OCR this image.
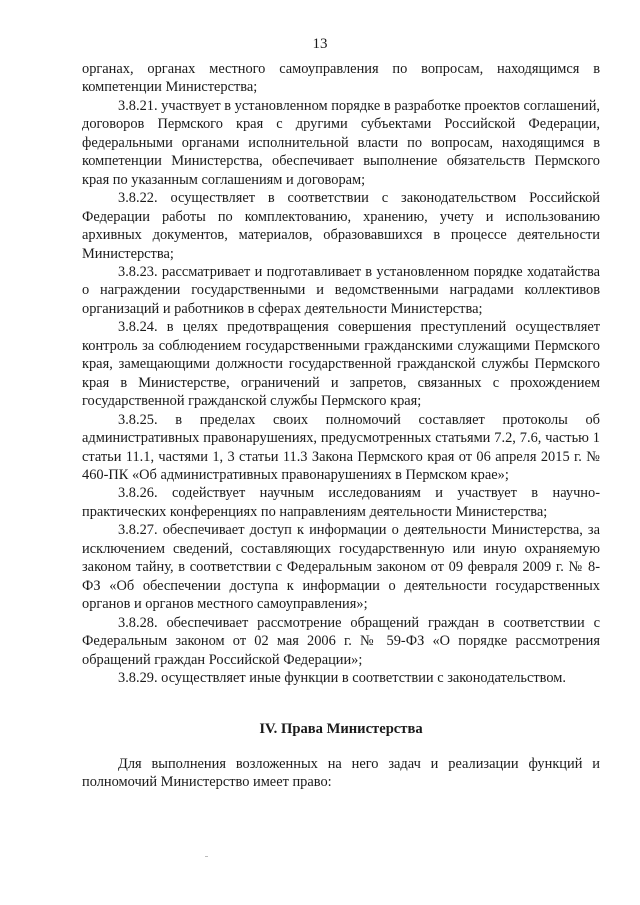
13

органах, органах местного самоуправления по вопросам, находящимся в компетенции Министерства;

3.8.21. участвует в установленном порядке в разработке проектов соглашений, договоров Пермского края с другими субъектами Российской Федерации, федеральными органами исполнительной власти по вопросам, находящимся в компетенции Министерства, обеспечивает выполнение обязательств Пермского края по указанным соглашениям и договорам;

3.8.22. осуществляет в соответствии с законодательством Российской Федерации работы по комплектованию, хранению, учету и использованию архивных документов, материалов, образовавшихся в процессе деятельности Министерства;

3.8.23. рассматривает и подготавливает в установленном порядке ходатайства о награждении государственными и ведомственными наградами коллективов организаций и работников в сферах деятельности Министерства;

3.8.24. в целях предотвращения совершения преступлений осуществляет контроль за соблюдением государственными гражданскими служащими Пермского края, замещающими должности государственной гражданской службы Пермского края в Министерстве, ограничений и запретов, связанных с прохождением государственной гражданской службы Пермского края;

3.8.25. в пределах своих полномочий составляет протоколы об административных правонарушениях, предусмотренных статьями 7.2, 7.6, частью 1 статьи 11.1, частями 1, 3 статьи 11.3 Закона Пермского края от 06 апреля 2015 г. № 460-ПК «Об административных правонарушениях в Пермском крае»;

3.8.26. содействует научным исследованиям и участвует в научно-практических конференциях по направлениям деятельности Министерства;

3.8.27. обеспечивает доступ к информации о деятельности Министерства, за исключением сведений, составляющих государственную или иную охраняемую законом тайну, в соответствии с Федеральным законом от 09 февраля 2009 г. № 8-ФЗ «Об обеспечении доступа к информации о деятельности государственных органов и органов местного самоуправления»;

3.8.28. обеспечивает рассмотрение обращений граждан в соответствии с Федеральным законом от 02 мая 2006 г. № 59-ФЗ «О порядке рассмотрения обращений граждан Российской Федерации»;

3.8.29. осуществляет иные функции в соответствии с законодательством.

IV. Права Министерства

Для выполнения возложенных на него задач и реализации функций и полномочий Министерство имеет право:
